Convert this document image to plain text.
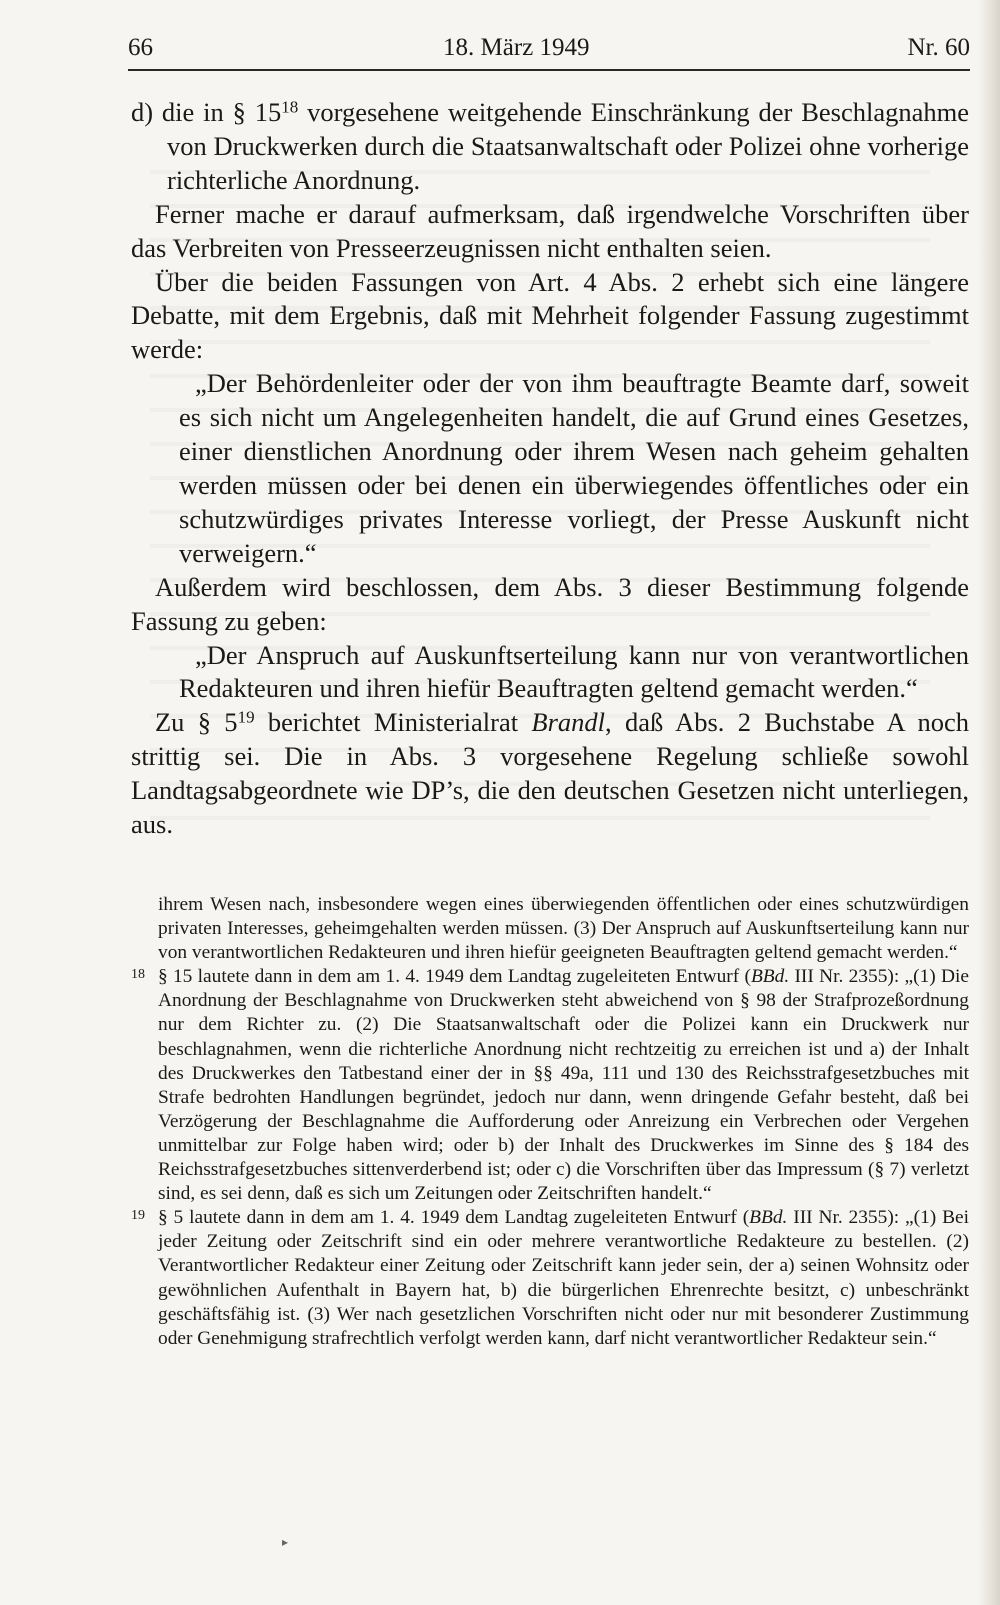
66	18. März 1949	Nr. 60

d) die in § $15^{18}$ vorgesehene weitgehende Einschränkung der Beschlagnahme von Druckwerken durch die Staatsanwaltschaft oder Polizei ohne vorherige richterliche Anordnung.

Ferner mache er darauf aufmerksam, daß irgendwelche Vorschriften über das Verbreiten von Presseerzeugnissen nicht enthalten seien.

Über die beiden Fassungen von Art. 4 Abs. 2 erhebt sich eine längere Debatte, mit dem Ergebnis, daß mit Mehrheit folgender Fassung zugestimmt werde:

„Der Behördenleiter oder der von ihm beauftragte Beamte darf, soweit es sich nicht um Angelegenheiten handelt, die auf Grund eines Gesetzes, einer dienstlichen Anordnung oder ihrem Wesen nach geheim gehalten werden müssen oder bei denen ein überwiegendes öffentliches oder ein schutzwürdiges privates Interesse vorliegt, der Presse Auskunft nicht verweigern.“

Außerdem wird beschlossen, dem Abs. 3 dieser Bestimmung folgende Fassung zu geben:

„Der Anspruch auf Auskunftserteilung kann nur von verantwortlichen Redakteuren und ihren hiefür Beauftragten geltend gemacht werden.“

Zu § $5^{19}$ berichtet Ministerialrat Brandl, daß Abs. 2 Buchstabe A noch strittig sei. Die in Abs. 3 vorgesehene Regelung schließe sowohl Landtagsabgeordnete wie DP’s, die den deutschen Gesetzen nicht unterliegen, aus.

ihrem Wesen nach, insbesondere wegen eines überwiegenden öffentlichen oder eines schutzwürdigen privaten Interesses, geheimgehalten werden müssen. (3) Der Anspruch auf Auskunftserteilung kann nur von verantwortlichen Redakteuren und ihren hiefür geeigneten Beauftragten geltend gemacht werden.“

18 § 15 lautete dann in dem am 1. 4. 1949 dem Landtag zugeleiteten Entwurf (BBd. III Nr. 2355): „(1) Die Anordnung der Beschlagnahme von Druckwerken steht abweichend von § 98 der Strafprozeßordnung nur dem Richter zu. (2) Die Staatsanwaltschaft oder die Polizei kann ein Druckwerk nur beschlagnahmen, wenn die richterliche Anordnung nicht rechtzeitig zu erreichen ist und a) der Inhalt des Druckwerkes den Tatbestand einer der in §§ 49a, 111 und 130 des Reichsstrafgesetzbuches mit Strafe bedrohten Handlungen begründet, jedoch nur dann, wenn dringende Gefahr besteht, daß bei Verzögerung der Beschlagnahme die Aufforderung oder Anreizung ein Verbrechen oder Vergehen unmittelbar zur Folge haben wird; oder b) der Inhalt des Druckwerkes im Sinne des § 184 des Reichsstrafgesetzbuches sittenverderbend ist; oder c) die Vorschriften über das Impressum (§ 7) verletzt sind, es sei denn, daß es sich um Zeitungen oder Zeitschriften handelt.“

19 § 5 lautete dann in dem am 1. 4. 1949 dem Landtag zugeleiteten Entwurf (BBd. III Nr. 2355): „(1) Bei jeder Zeitung oder Zeitschrift sind ein oder mehrere verantwortliche Redakteure zu bestellen. (2) Verantwortlicher Redakteur einer Zeitung oder Zeitschrift kann jeder sein, der a) seinen Wohnsitz oder gewöhnlichen Aufenthalt in Bayern hat, b) die bürgerlichen Ehrenrechte besitzt, c) unbeschränkt geschäftsfähig ist. (3) Wer nach gesetzlichen Vorschriften nicht oder nur mit besonderer Zustimmung oder Genehmigung strafrechtlich verfolgt werden kann, darf nicht verantwortlicher Redakteur sein.“

▸
